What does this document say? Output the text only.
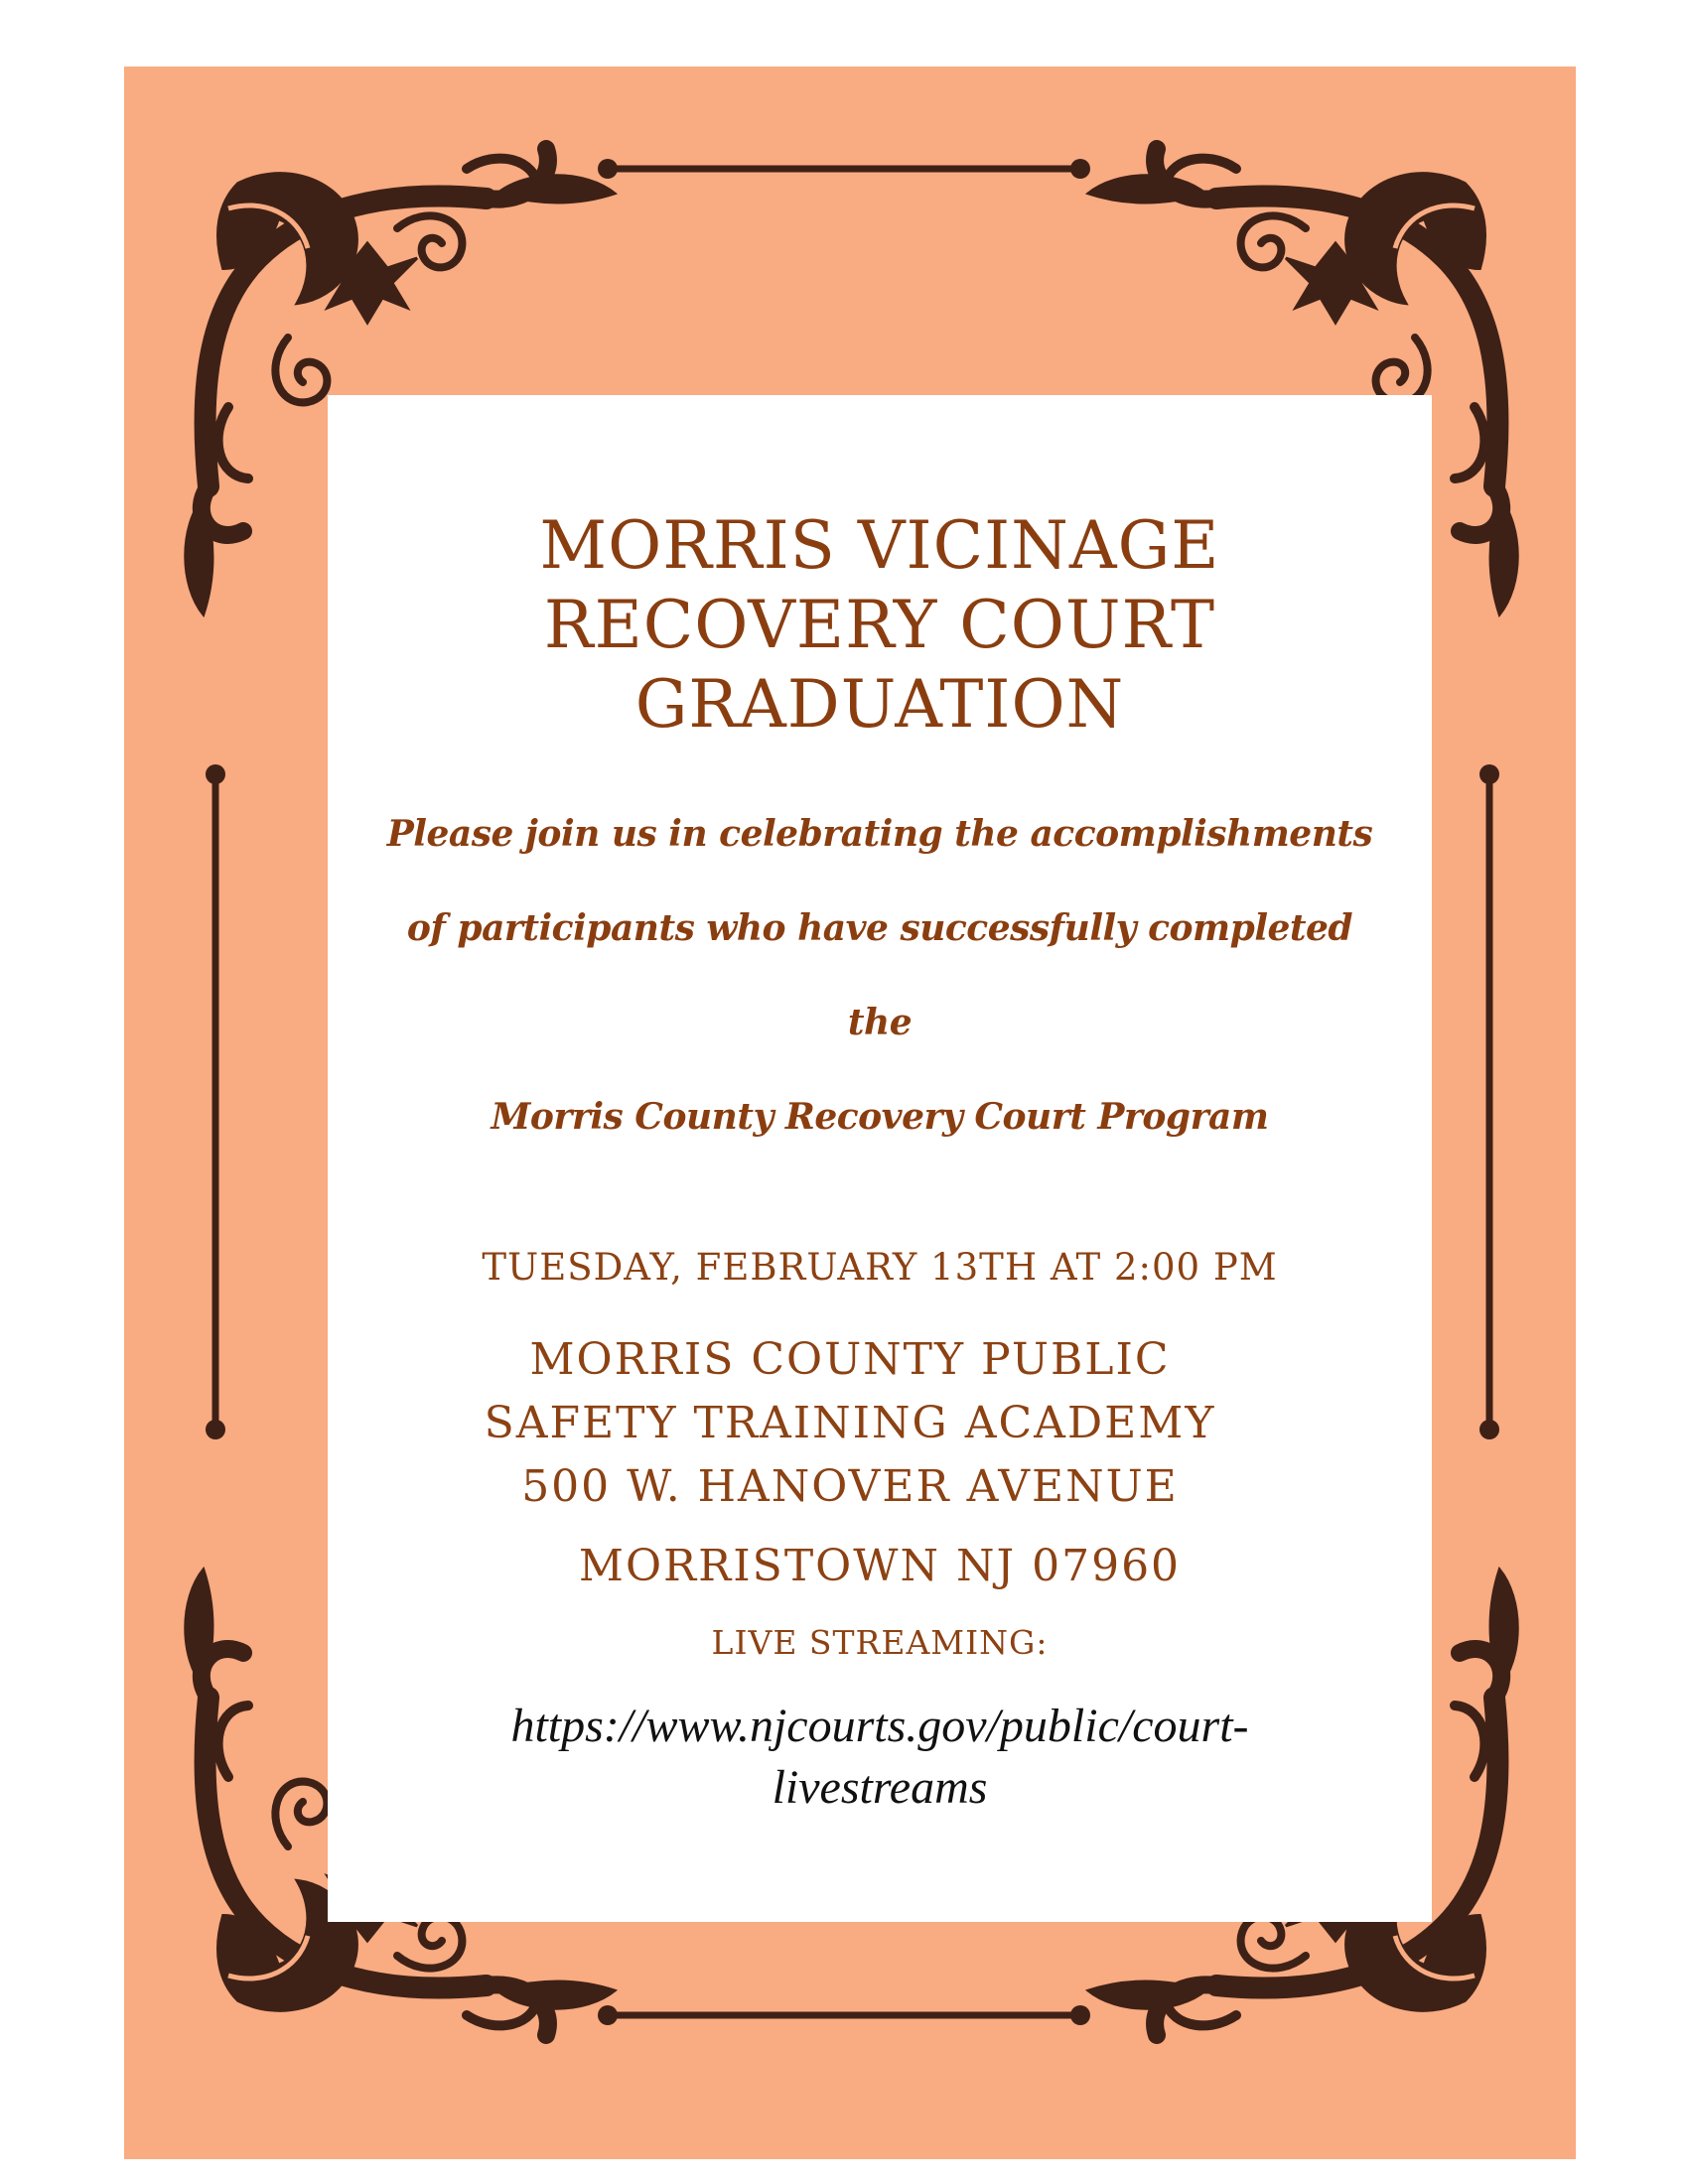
MORRIS VICINAGE

RECOVERY COURT

GRADUATION

Please join us in celebrating the accomplishments

of participants who have successfully completed

the

Morris County Recovery Court Program

TUESDAY, FEBRUARY 13TH AT 2:00 PM

MORRIS COUNTY PUBLIC

SAFETY TRAINING ACADEMY

500 W. HANOVER AVENUE

MORRISTOWN NJ 07960

LIVE STREAMING:

https://www.njcourts.gov/public/court-

livestreams
